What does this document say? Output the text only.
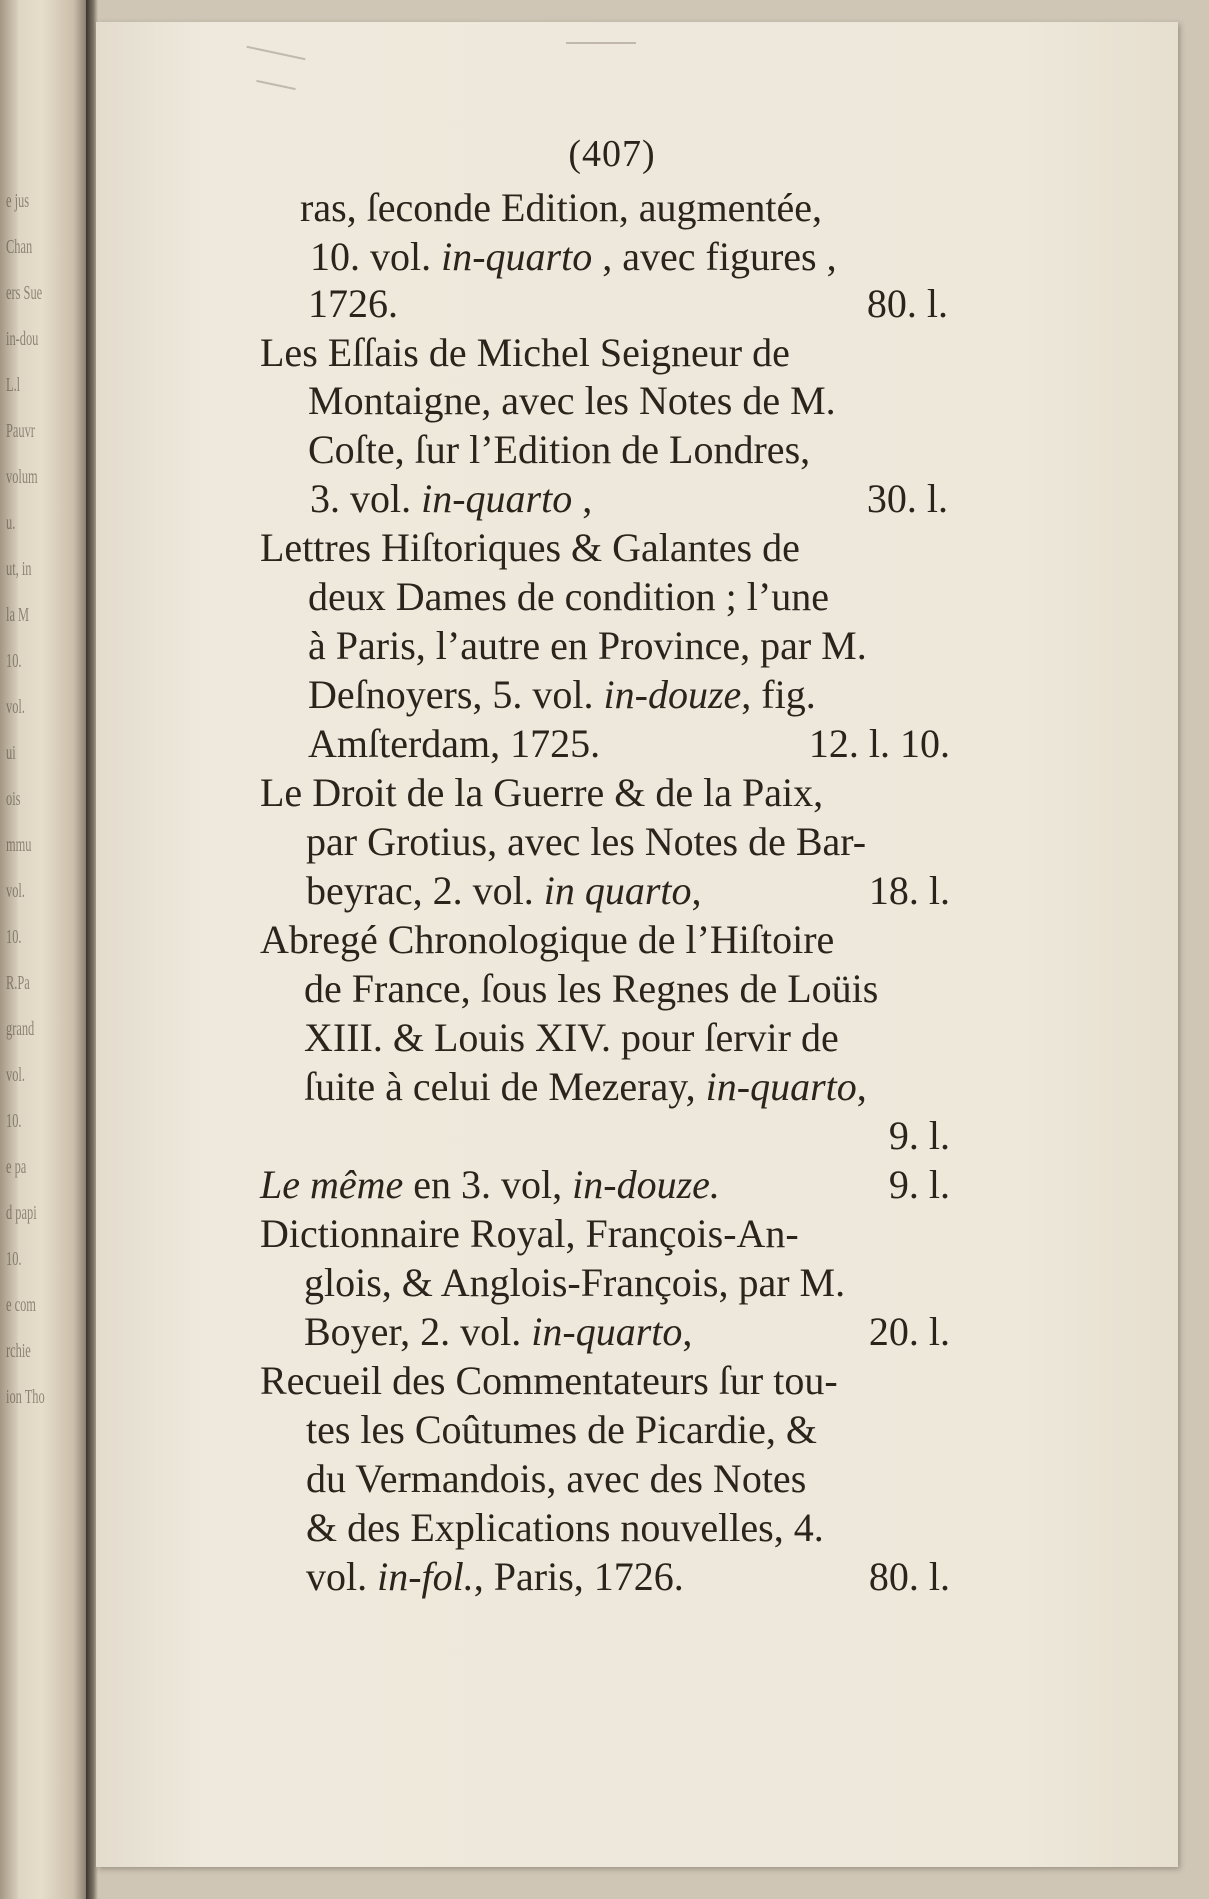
e jus
Chan
ers Sue
in-dou
L.l
Pauvr
volum
u.
ut, in
la M
10.
vol.
ui
ois
mmu
vol.
10.
R.Pa
grand
vol.
10.
e pa
d papi
10.
e com
rchie
ion Tho
(407)
ras, ſeconde Edition, augmentée,
10. vol. in-quarto , avec figures ,
1726.	80. l.
Les Eſſais de Michel Seigneur de
Montaigne, avec les Notes de M.
Coſte, ſur l’Edition de Londres,
3. vol. in-quarto ,	30. l.
Lettres Hiſtoriques & Galantes de
deux Dames de condition ; l’une
à Paris, l’autre en Province, par M.
Deſnoyers, 5. vol. in-douze, fig.
Amſterdam, 1725.	12. l. 10.
Le Droit de la Guerre & de la Paix,
par Grotius, avec les Notes de Bar-
beyrac, 2. vol. in quarto,	18. l.
Abregé Chronologique de l’Hiſtoire
de France, ſous les Regnes de Loüis
XIII. & Louis XIV. pour ſervir de
ſuite à celui de Mezeray, in-quarto,
9. l.
Le même en 3. vol, in-douze.	9. l.
Dictionnaire Royal, François-An-
glois, & Anglois-François, par M.
Boyer, 2. vol. in-quarto,	20. l.
Recueil des Commentateurs ſur tou-
tes les Coûtumes de Picardie, &
du Vermandois, avec des Notes
& des Explications nouvelles, 4.
vol. in-fol., Paris, 1726.	80. l.
